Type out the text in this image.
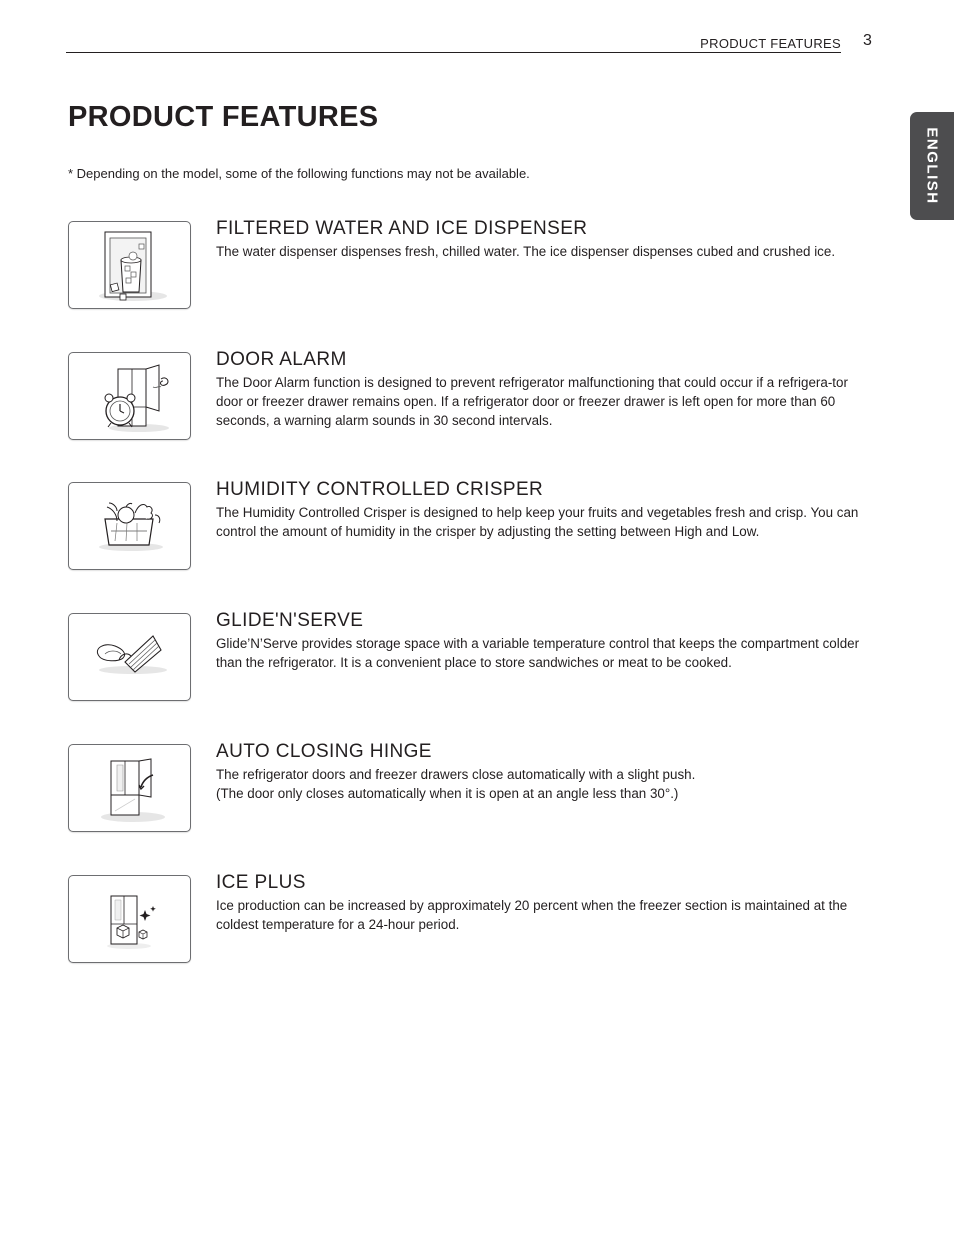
PRODUCT FEATURES 3
ENGLISH
PRODUCT FEATURES
* Depending on the model, some of the following functions may not be available.
FILTERED WATER AND ICE DISPENSER

The water dispenser dispenses fresh, chilled water. The ice dispenser dispenses cubed and crushed ice.

DOOR ALARM

The Door Alarm function is designed to prevent refrigerator malfunctioning that could occur if a refrigera-tor door or freezer drawer remains open. If a refrigerator door or freezer drawer is left open for more than 60 seconds, a warning alarm sounds in 30 second intervals.

HUMIDITY CONTROLLED CRISPER

The Humidity Controlled Crisper is designed to help keep your fruits and vegetables fresh and crisp. You can control the amount of humidity in the crisper by adjusting the setting between High and Low.

GLIDE'N'SERVE

Glide’N’Serve provides storage space with a variable temperature control that keeps the compartment colder than the refrigerator. It is a convenient place to store sandwiches or meat to be cooked.

AUTO CLOSING HINGE

The refrigerator doors and freezer drawers close automatically with a slight push.
(The door only closes automatically when it is open at an angle less than 30°.)

ICE PLUS

Ice production can be increased by approximately 20 percent when the freezer section is maintained at the coldest temperature for a 24-hour period.
